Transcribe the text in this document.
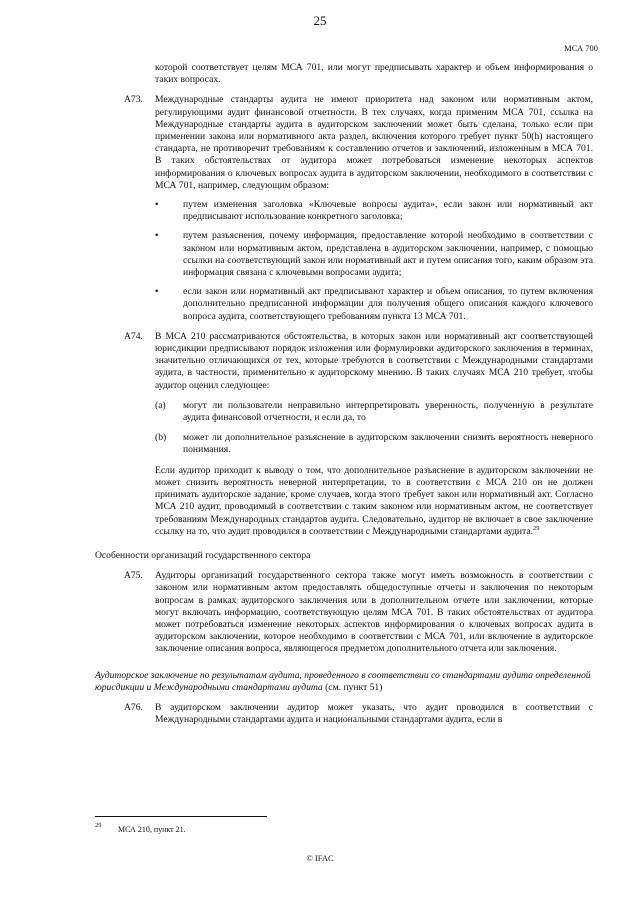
25
МСА 700

которой соответствует целям МСА 701, или могут предписывать характер и объем информирования о таких вопросах.

А73. Международные стандарты аудита не имеют приоритета над законом или нормативным актом, регулирующими аудит финансовой отчетности. В тех случаях, когда применим МСА 701, ссылка на Международные стандарты аудита в аудиторском заключении может быть сделана, только если при применении закона или нормативного акта раздел, включения которого требует пункт 50(h) настоящего стандарта, не противоречит требованиям к составлению отчетов и заключений, изложенным в МСА 701. В таких обстоятельствах от аудитора может потребоваться изменение некоторых аспектов информирования о ключевых вопросах аудита в аудиторском заключении, необходимого в соответствии с МСА 701, например, следующим образом:

•	путем изменения заголовка «Ключевые вопросы аудита», если закон или нормативный акт предписывают использование конкретного заголовка;
•	путем разъяснения, почему информация, предоставление которой необходимо в соответствии с законом или нормативным актом, представлена в аудиторском заключении, например, с помощью ссылки на соответствующий закон или нормативный акт и путем описания того, каким образом эта информация связана с ключевыми вопросами аудита;
•	если закон или нормативный акт предписывают характер и объем описания, то путем включения дополнительно предписанной информации для получения общего описания каждого ключевого вопроса аудита, соответствующего требованиям пункта 13 МСА 701.
А74. В МСА 210 рассматриваются обстоятельства, в которых закон или нормативный акт соответствующей юрисдикции предписывают порядок изложения или формулировки аудиторского заключения в терминах, значительно отличающихся от тех, которые требуются в соответствии с Международными стандартами аудита, в частности, применительно к аудиторскому мнению. В таких случаях МСА 210 требует, чтобы аудитор оценил следующее:

(a) могут ли пользователи неправильно интерпретировать уверенность, полученную в результате аудита финансовой отчетности, и если да, то
(b) может ли дополнительное разъяснение в аудиторском заключении снизить вероятность неверного понимания.

Если аудитор приходит к выводу о том, что дополнительное разъяснение в аудиторском заключении не может снизить вероятность неверной интерпретации, то в соответствии с МСА 210 он не должен принимать аудиторское задание, кроме случаев, когда этого требует закон или нормативный акт. Согласно МСА 210 аудит, проводимый в соответствии с таким законом или нормативным актом, не соответствует требованиям Международных стандартов аудита. Следовательно, аудитор не включает в свое заключение ссылку на то, что аудит проводился в соответствии с Международными стандартами аудита.$^{29}$

Особенности организаций государственного сектора

А75. Аудиторы организаций государственного сектора также могут иметь возможность в соответствии с законом или нормативным актом предоставлять общедоступные отчеты и заключения по некоторым вопросам в рамках аудиторского заключения или в дополнительном отчете или заключении, которые могут включать информацию, соответствующую целям МСА 701. В таких обстоятельствах от аудитора может потребоваться изменение некоторых аспектов информирования о ключевых вопросах аудита в аудиторском заключении, которое необходимо в соответствии с МСА 701, или включение в аудиторское заключение описания вопроса, являющегося предметом дополнительного отчета или заключения.

Аудиторское заключение по результатам аудита, проведенного в соответствии со стандартами аудита определенной юрисдикции и Международными стандартами аудита (см. пункт 51)

А76. В аудиторском заключении аудитор может указать, что аудит проводился в соответствии с Международными стандартами аудита и национальными стандартами аудита, если в

29 МСА 210, пункт 21.
© IFAC
